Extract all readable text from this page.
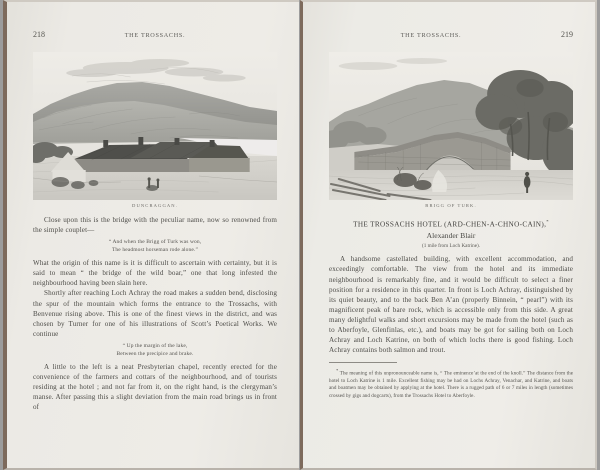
218	THE TROSSACHS.
DUNCRAGGAN.

Close upon this is the bridge with the peculiar name, now so renowned from the simple couplet—

“ And when the Brigg of Turk was won,
The headmost horseman rode alone.”

What the origin of this name is it is difficult to ascertain with certainty, but it is said to mean “ the bridge of the wild boar,” one that long infested the neighbourhood having been slain here.

Shortly after reaching Loch Achray the road makes a sudden bend, disclosing the spur of the mountain which forms the entrance to the Trossachs, with Benvenue rising above. This is one of the finest views in the district, and was chosen by Turner for one of his illustrations of Scott’s Poetical Works. We continue

“ Up the margin of the lake,
Between the precipice and brake.

A little to the left is a neat Presbyterian chapel, recently erected for the convenience of the farmers and cottars of the neighbourhood, and of tourists residing at the hotel ; and not far from it, on the right hand, is the clergyman’s manse. After passing this a slight deviation from the main road brings us in front of

THE TROSSACHS.	219
BRIGG OF TURK.
THE TROSSACHS HOTEL (ARD-CHEN-A-CHNO-CAIN),*
Alexander Blair
(1 mile from Loch Katrine).

A handsome castellated building, with excellent accommodation, and exceedingly comfortable. The view from the hotel and its immediate neighbourhood is remarkably fine, and it would be difficult to select a finer position for a residence in this quarter. In front is Loch Achray, distinguished by its quiet beauty, and to the back Ben A’an (properly Binnein, “ pearl”) with its magnificent peak of bare rock, which is accessible only from this side. A great many delightful walks and short excursions may be made from the hotel (such as to Aberfoyle, Glenfinlas, etc.), and boats may be got for sailing both on Loch Achray and Loch Katrine, on both of which lochs there is good fishing. Loch Achray contains both salmon and trout.

* The meaning of this unpronounceable name is, “ The eminence’at the end of the knoll.” The distance from the hotel to Loch Katrine is 1 mile. Excellent fishing may be had on Lochs Achray, Venachar, and Katrine, and boats and boatmen may be obtained by applying at the hotel. There is a rugged path of 6 or 7 miles in length (sometimes crossed by gigs and dogcarts), from the Trossachs Hotel to Aberfoyle.
